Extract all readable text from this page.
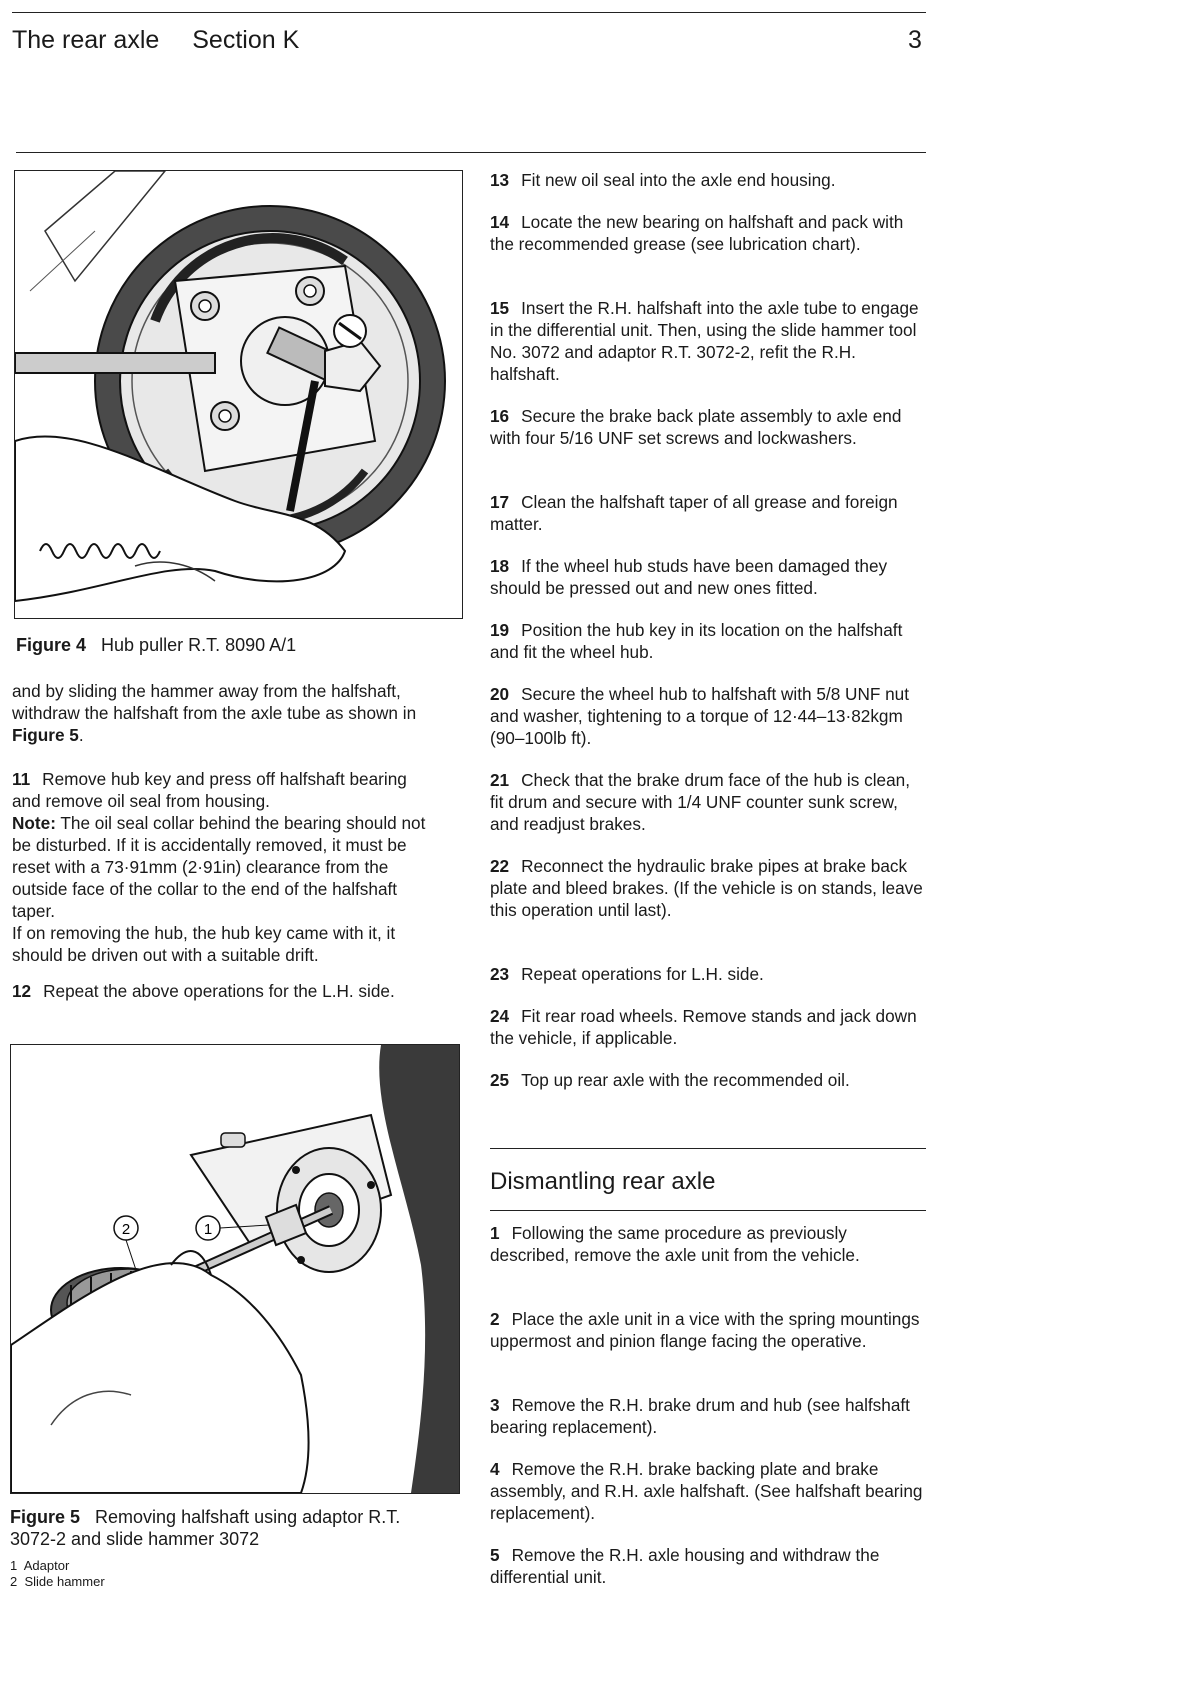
The rear axle Section K	3
Figure 4 Hub puller R.T. 8090 A/1
and by sliding the hammer away from the halfshaft, withdraw the halfshaft from the axle tube as shown in Figure 5.
11 Remove hub key and press off halfshaft bearing and remove oil seal from housing.
Note: The oil seal collar behind the bearing should not be disturbed. If it is accidentally removed, it must be reset with a 73·91mm (2·91in) clearance from the outside face of the collar to the end of the halfshaft taper.
If on removing the hub, the hub key came with it, it should be driven out with a suitable drift.
12 Repeat the above operations for the L.H. side.
2	1
Figure 5 Removing halfshaft using adaptor R.T. 3072-2 and slide hammer 3072
1  Adaptor
2  Slide hammer
13 Fit new oil seal into the axle end housing.
14 Locate the new bearing on halfshaft and pack with the recommended grease (see lubrication chart).
15 Insert the R.H. halfshaft into the axle tube to engage in the differential unit. Then, using the slide hammer tool No. 3072 and adaptor R.T. 3072-2, refit the R.H. halfshaft.
16 Secure the brake back plate assembly to axle end with four 5/16 UNF set screws and lockwashers.
17 Clean the halfshaft taper of all grease and foreign matter.
18 If the wheel hub studs have been damaged they should be pressed out and new ones fitted.
19 Position the hub key in its location on the halfshaft and fit the wheel hub.
20 Secure the wheel hub to halfshaft with 5/8 UNF nut and washer, tightening to a torque of 12·44–13·82kgm (90–100lb ft).
21 Check that the brake drum face of the hub is clean, fit drum and secure with 1/4 UNF counter sunk screw, and readjust brakes.
22 Reconnect the hydraulic brake pipes at brake back plate and bleed brakes. (If the vehicle is on stands, leave this operation until last).
23 Repeat operations for L.H. side.
24 Fit rear road wheels. Remove stands and jack down the vehicle, if applicable.
25 Top up rear axle with the recommended oil.
Dismantling rear axle
1 Following the same procedure as previously described, remove the axle unit from the vehicle.
2 Place the axle unit in a vice with the spring mountings uppermost and pinion flange facing the operative.
3 Remove the R.H. brake drum and hub (see halfshaft bearing replacement).
4 Remove the R.H. brake backing plate and brake assembly, and R.H. axle halfshaft. (See halfshaft bearing replacement).
5 Remove the R.H. axle housing and withdraw the differential unit.
